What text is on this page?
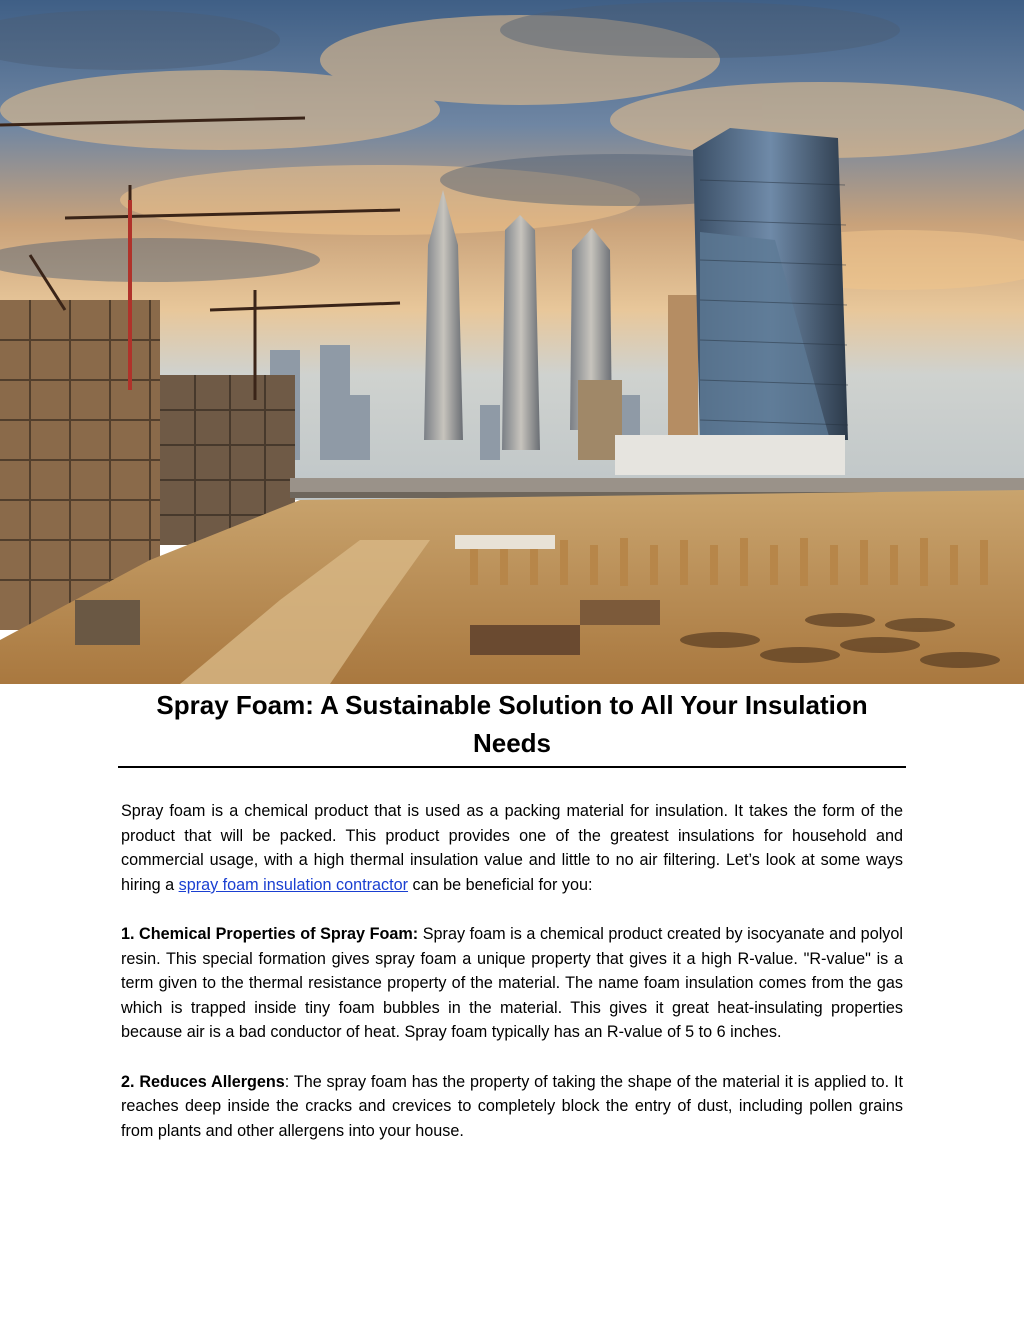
Spray Foam: A Sustainable Solution to All Your Insulation Needs

Spray foam is a chemical product that is used as a packing material for insulation. It takes the form of the product that will be packed. This product provides one of the greatest insulations for household and commercial usage, with a high thermal insulation value and little to no air filtering. Let’s look at some ways hiring a spray foam insulation contractor can be beneficial for you:

1. Chemical Properties of Spray Foam: Spray foam is a chemical product created by isocyanate and polyol resin. This special formation gives spray foam a unique property that gives it a high R-value. "R-value" is a term given to the thermal resistance property of the material. The name foam insulation comes from the gas which is trapped inside tiny foam bubbles in the material. This gives it great heat-insulating properties because air is a bad conductor of heat. Spray foam typically has an R-value of 5 to 6 inches.

2. Reduces Allergens: The spray foam has the property of taking the shape of the material it is applied to. It reaches deep inside the cracks and crevices to completely block the entry of dust, including pollen grains from plants and other allergens into your house.
